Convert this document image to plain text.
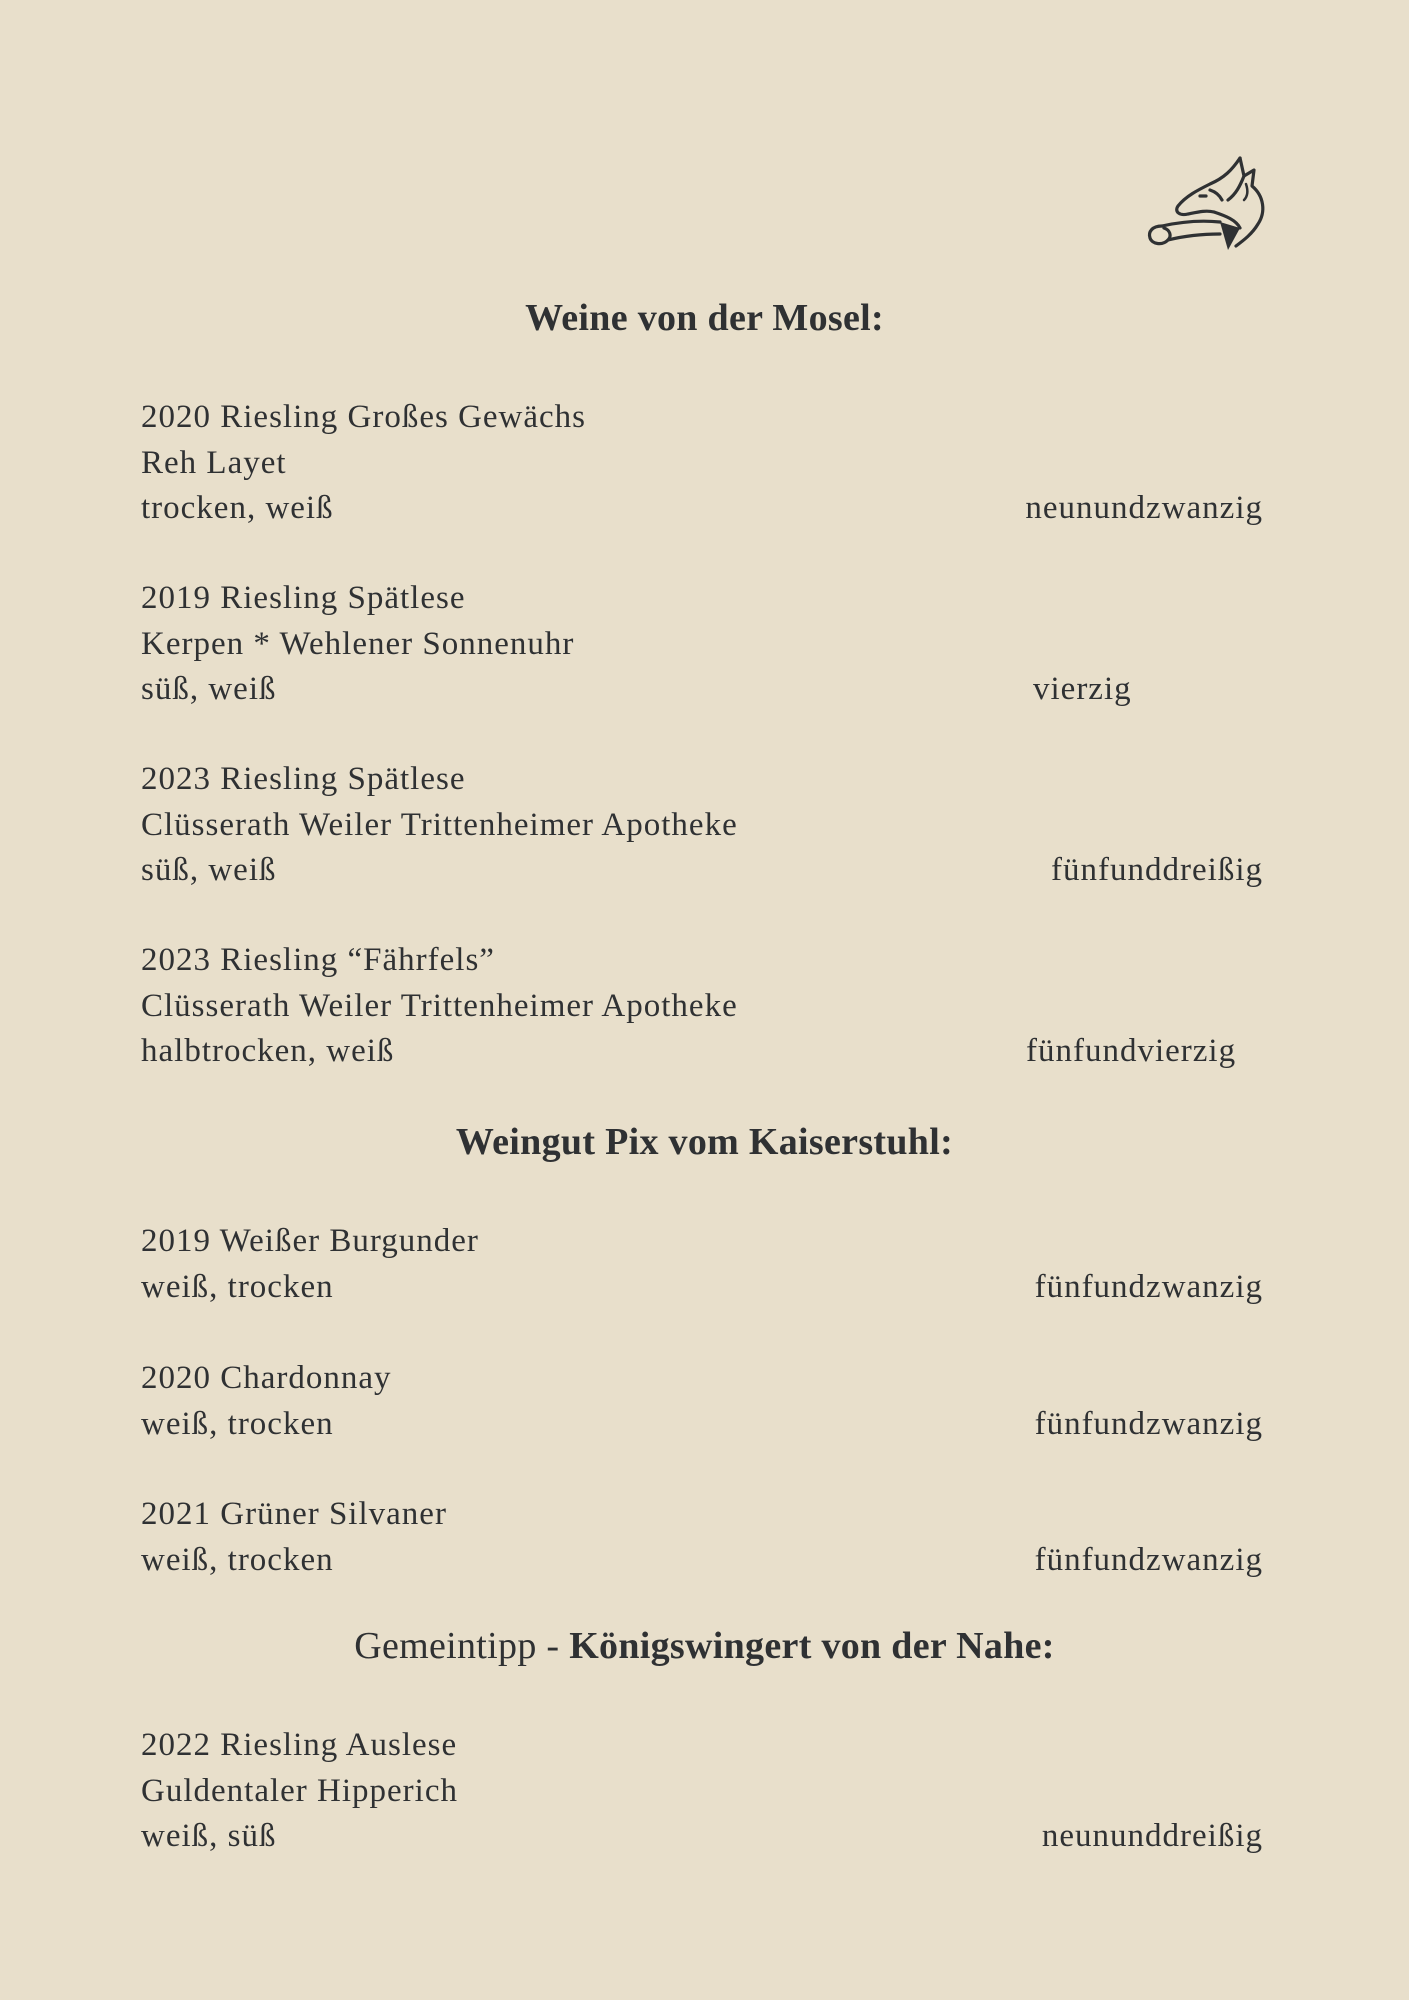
Weine von der Mosel:
2020 Riesling Großes Gewächs
Reh Layet
trocken, weiß	neunundzwanzig
2019 Riesling Spätlese
Kerpen * Wehlener Sonnenuhr
süß, weiß	vierzig
2023 Riesling Spätlese
Clüsserath Weiler Trittenheimer Apotheke
süß, weiß	fünfunddreißig
2023 Riesling “Fährfels”
Clüsserath Weiler Trittenheimer Apotheke
halbtrocken, weiß	fünfundvierzig
Weingut Pix vom Kaiserstuhl:
2019 Weißer Burgunder
weiß, trocken	fünfundzwanzig
2020 Chardonnay
weiß, trocken	fünfundzwanzig
2021 Grüner Silvaner
weiß, trocken	fünfundzwanzig
Gemeintipp - Königswingert von der Nahe:
2022 Riesling Auslese
Guldentaler Hipperich
weiß, süß	neununddreißig
